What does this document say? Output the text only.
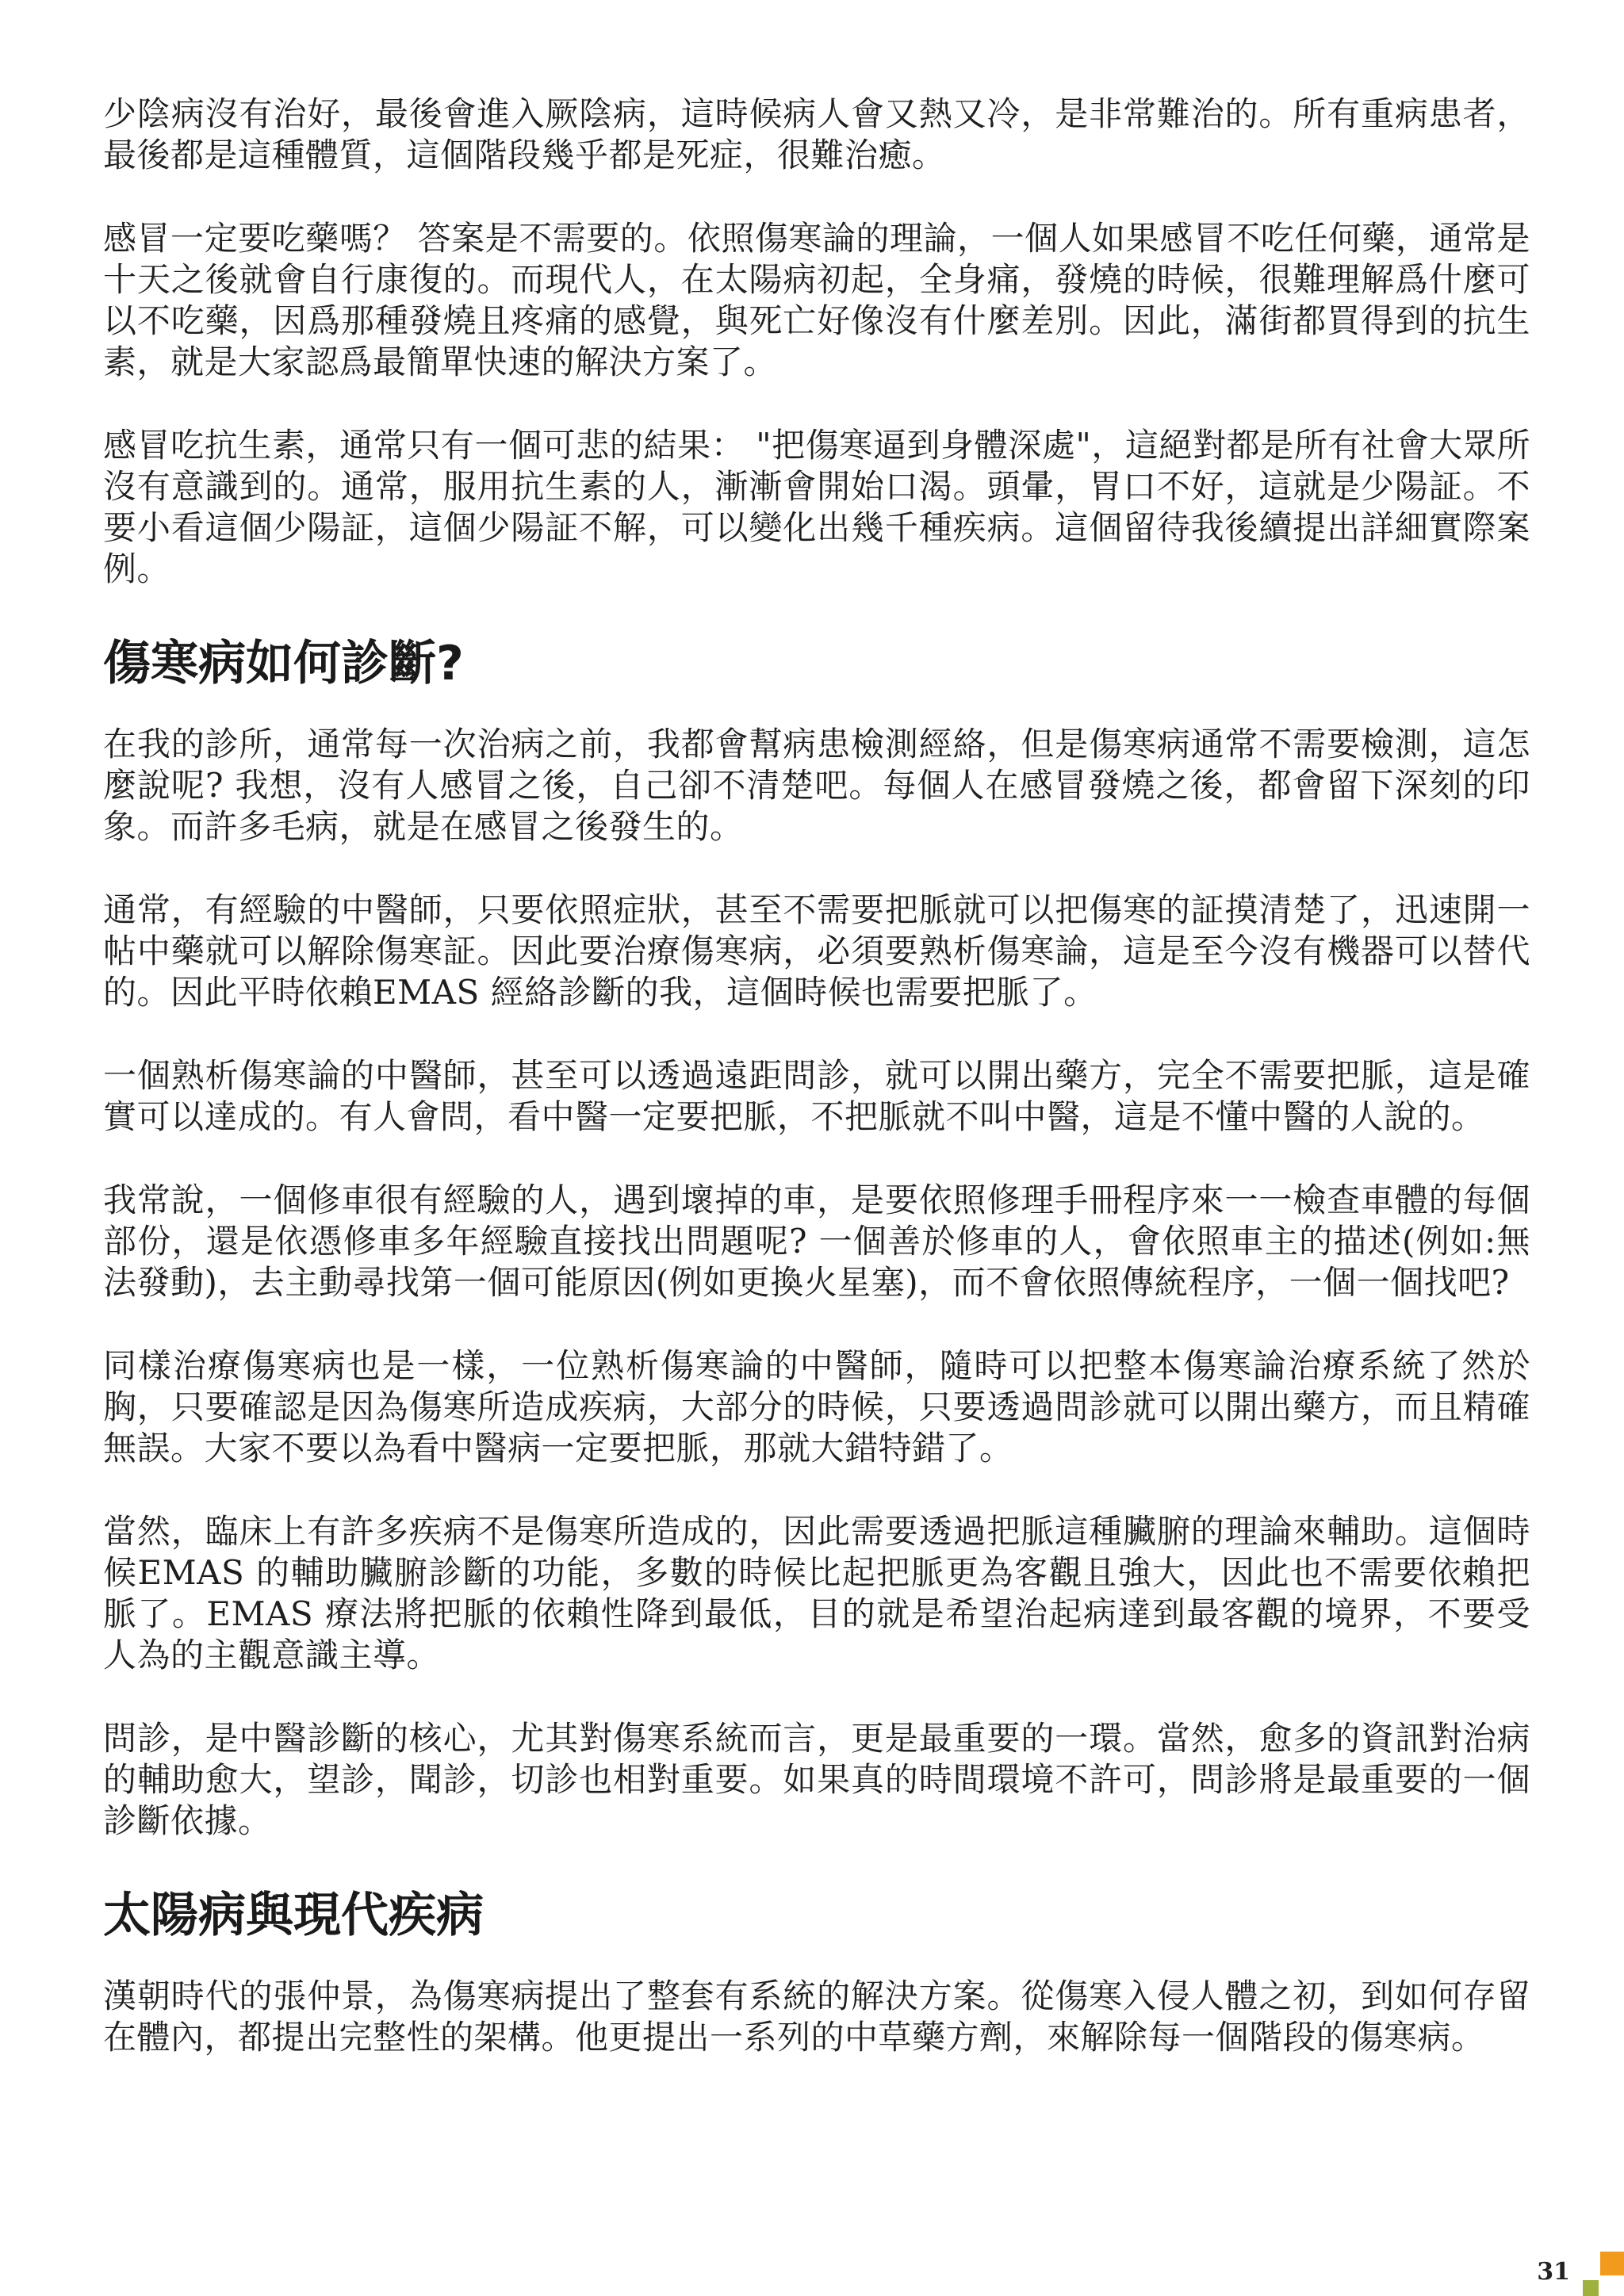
少陰病沒有治好，最後會進入厥陰病，這時候病人會又熱又冷，是非常難治的。所有重病患者，最後都是這種體質，這個階段幾乎都是死症，很難治癒。

感冒一定要吃藥嗎？ 答案是不需要的。依照傷寒論的理論，一個人如果感冒不吃任何藥，通常是十天之後就會自行康復的。而現代人，在太陽病初起，全身痛，發燒的時候，很難理解爲什麼可以不吃藥，因爲那種發燒且疼痛的感覺，與死亡好像沒有什麼差別。因此，滿街都買得到的抗生素，就是大家認爲最簡單快速的解決方案了。

感冒吃抗生素，通常只有一個可悲的結果： "把傷寒逼到身體深處"，這絕對都是所有社會大眾所沒有意識到的。通常，服用抗生素的人，漸漸會開始口渴。頭暈，胃口不好，這就是少陽証。不要小看這個少陽証，這個少陽証不解，可以變化出幾千種疾病。這個留待我後續提出詳細實際案例。

傷寒病如何診斷?

在我的診所，通常每一次治病之前，我都會幫病患檢測經絡，但是傷寒病通常不需要檢測，這怎麼說呢? 我想，沒有人感冒之後，自己卻不清楚吧。每個人在感冒發燒之後，都會留下深刻的印象。而許多毛病，就是在感冒之後發生的。

通常，有經驗的中醫師，只要依照症狀，甚至不需要把脈就可以把傷寒的証摸清楚了，迅速開一帖中藥就可以解除傷寒証。因此要治療傷寒病，必須要熟析傷寒論，這是至今沒有機器可以替代的。因此平時依賴EMAS 經絡診斷的我，這個時候也需要把脈了。

一個熟析傷寒論的中醫師，甚至可以透過遠距問診，就可以開出藥方，完全不需要把脈，這是確實可以達成的。有人會問，看中醫一定要把脈，不把脈就不叫中醫，這是不懂中醫的人說的。

我常說，一個修車很有經驗的人，遇到壞掉的車，是要依照修理手冊程序來一一檢查車體的每個部份，還是依憑修車多年經驗直接找出問題呢? 一個善於修車的人，會依照車主的描述(例如:無法發動)，去主動尋找第一個可能原因(例如更換火星塞)，而不會依照傳統程序，一個一個找吧?

同樣治療傷寒病也是一樣，一位熟析傷寒論的中醫師，隨時可以把整本傷寒論治療系統了然於胸，只要確認是因為傷寒所造成疾病，大部分的時候，只要透過問診就可以開出藥方，而且精確無誤。大家不要以為看中醫病一定要把脈，那就大錯特錯了。

當然，臨床上有許多疾病不是傷寒所造成的，因此需要透過把脈這種臟腑的理論來輔助。這個時候EMAS 的輔助臟腑診斷的功能，多數的時候比起把脈更為客觀且強大，因此也不需要依賴把脈了。EMAS 療法將把脈的依賴性降到最低，目的就是希望治起病達到最客觀的境界，不要受人為的主觀意識主導。

問診，是中醫診斷的核心，尤其對傷寒系統而言，更是最重要的一環。當然，愈多的資訊對治病的輔助愈大，望診，聞診，切診也相對重要。如果真的時間環境不許可，問診將是最重要的一個診斷依據。

太陽病與現代疾病

漢朝時代的張仲景，為傷寒病提出了整套有系統的解決方案。從傷寒入侵人體之初，到如何存留在體內，都提出完整性的架構。他更提出一系列的中草藥方劑，來解除每一個階段的傷寒病。

31
